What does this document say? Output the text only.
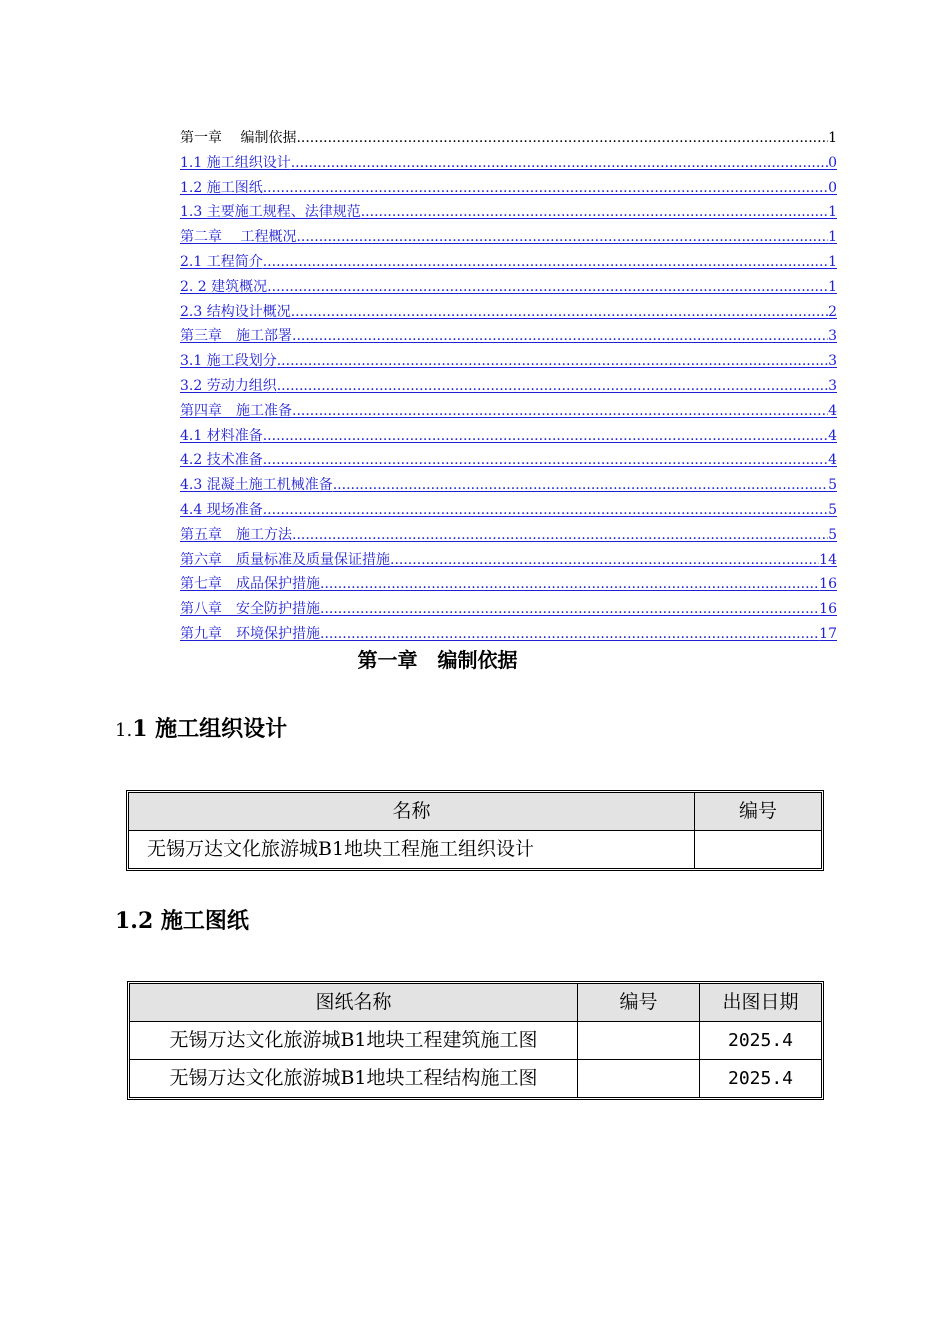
第一章　 编制依据 .....	1
1.1 施工组织设计 .....	0
1.2 施工图纸 .....	0
1.3 主要施工规程、法律规范 .....	1
第二章　 工程概况 .....	1
2.1 工程简介 .....	1
2. 2 建筑概况 .....	1
2.3 结构设计概况 .....	2
第三章　施工部署 .....	3
3.1 施工段划分 .....	3
3.2 劳动力组织 .....	3
第四章　施工准备 .....	4
4.1 材料准备 .....	4
4.2 技术准备 .....	4
4.3 混凝土施工机械准备 .....	5
4.4 现场准备 .....	5
第五章　施工方法 .....	5
第六章　质量标准及质量保证措施 .....	14
第七章　成品保护措施 .....	16
第八章　安全防护措施 .....	16
第九章　环境保护措施 .....	17
第一章　编制依据
1.1 施工组织设计
名称	编号
无锡万达文化旅游城B1地块工程施工组织设计	
1.2 施工图纸
图纸名称	编号	出图日期
无锡万达文化旅游城B1地块工程建筑施工图		2025.4
无锡万达文化旅游城B1地块工程结构施工图		2025.4
